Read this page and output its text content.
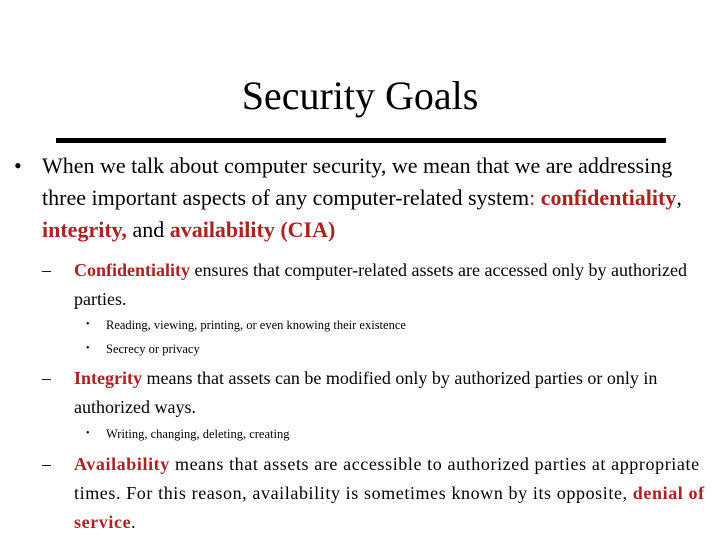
Security Goals
• When we talk about computer security, we mean that we are addressing three important aspects of any computer-related system: confidentiality, integrity, and availability (CIA)
– Confidentiality ensures that computer-related assets are accessed only by authorized parties.
• Reading, viewing, printing, or even knowing their existence
• Secrecy or privacy
– Integrity means that assets can be modified only by authorized parties or only in authorized ways.
• Writing, changing, deleting, creating
– Availability means that assets are accessible to authorized parties at appropriate times. For this reason, availability is sometimes known by its opposite, denial of service.
